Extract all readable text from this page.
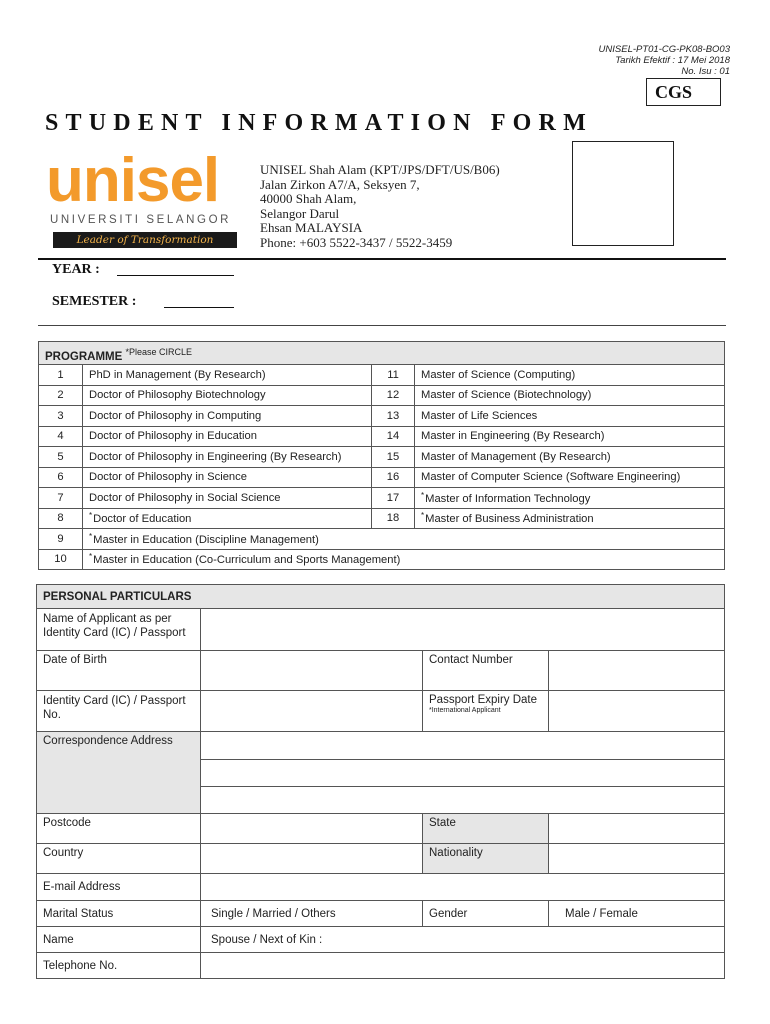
UNISEL-PT01-CG-PK08-BO03
Tarikh Efektif : 17 Mei 2018
No. Isu : 01
CGS
STUDENT INFORMATION FORM
unisel
UNIVERSITI SELANGOR
Leader of Transformation
UNISEL Shah Alam (KPT/JPS/DFT/US/B06)
Jalan Zirkon A7/A, Seksyen 7,
40000 Shah Alam,
Selangor Darul
Ehsan MALAYSIA
Phone: +603 5522-3437 / 5522-3459
YEAR :
SEMESTER :
PROGRAMME $^{*Please CIRCLE}$
1	PhD in Management (By Research)	11	Master of Science (Computing)
2	Doctor of Philosophy Biotechnology	12	Master of Science (Biotechnology)
3	Doctor of Philosophy in Computing	13	Master of Life Sciences
4	Doctor of Philosophy in Education	14	Master in Engineering (By Research)
5	Doctor of Philosophy in Engineering (By Research)	15	Master of Management (By Research)
6	Doctor of Philosophy in Science	16	Master of Computer Science (Software Engineering)
7	Doctor of Philosophy in Social Science	17	*Master of Information Technology
8	*Doctor of Education	18	*Master of Business Administration
9	*Master in Education (Discipline Management)		
10	*Master in Education (Co-Curriculum and Sports Management)		
PERSONAL PARTICULARS			
Name of Applicant as per Identity Card (IC) / Passport			
Date of Birth		Contact Number	
Identity Card (IC) / Passport No.		Passport Expiry Date
*International Applicant	

Correspondence Address			

Postcode		State	
Country		Nationality	
E-mail Address			
Marital Status	Single / Married / Others	Gender	Male / Female
Name	Spouse / Next of Kin :		
Telephone No.			
